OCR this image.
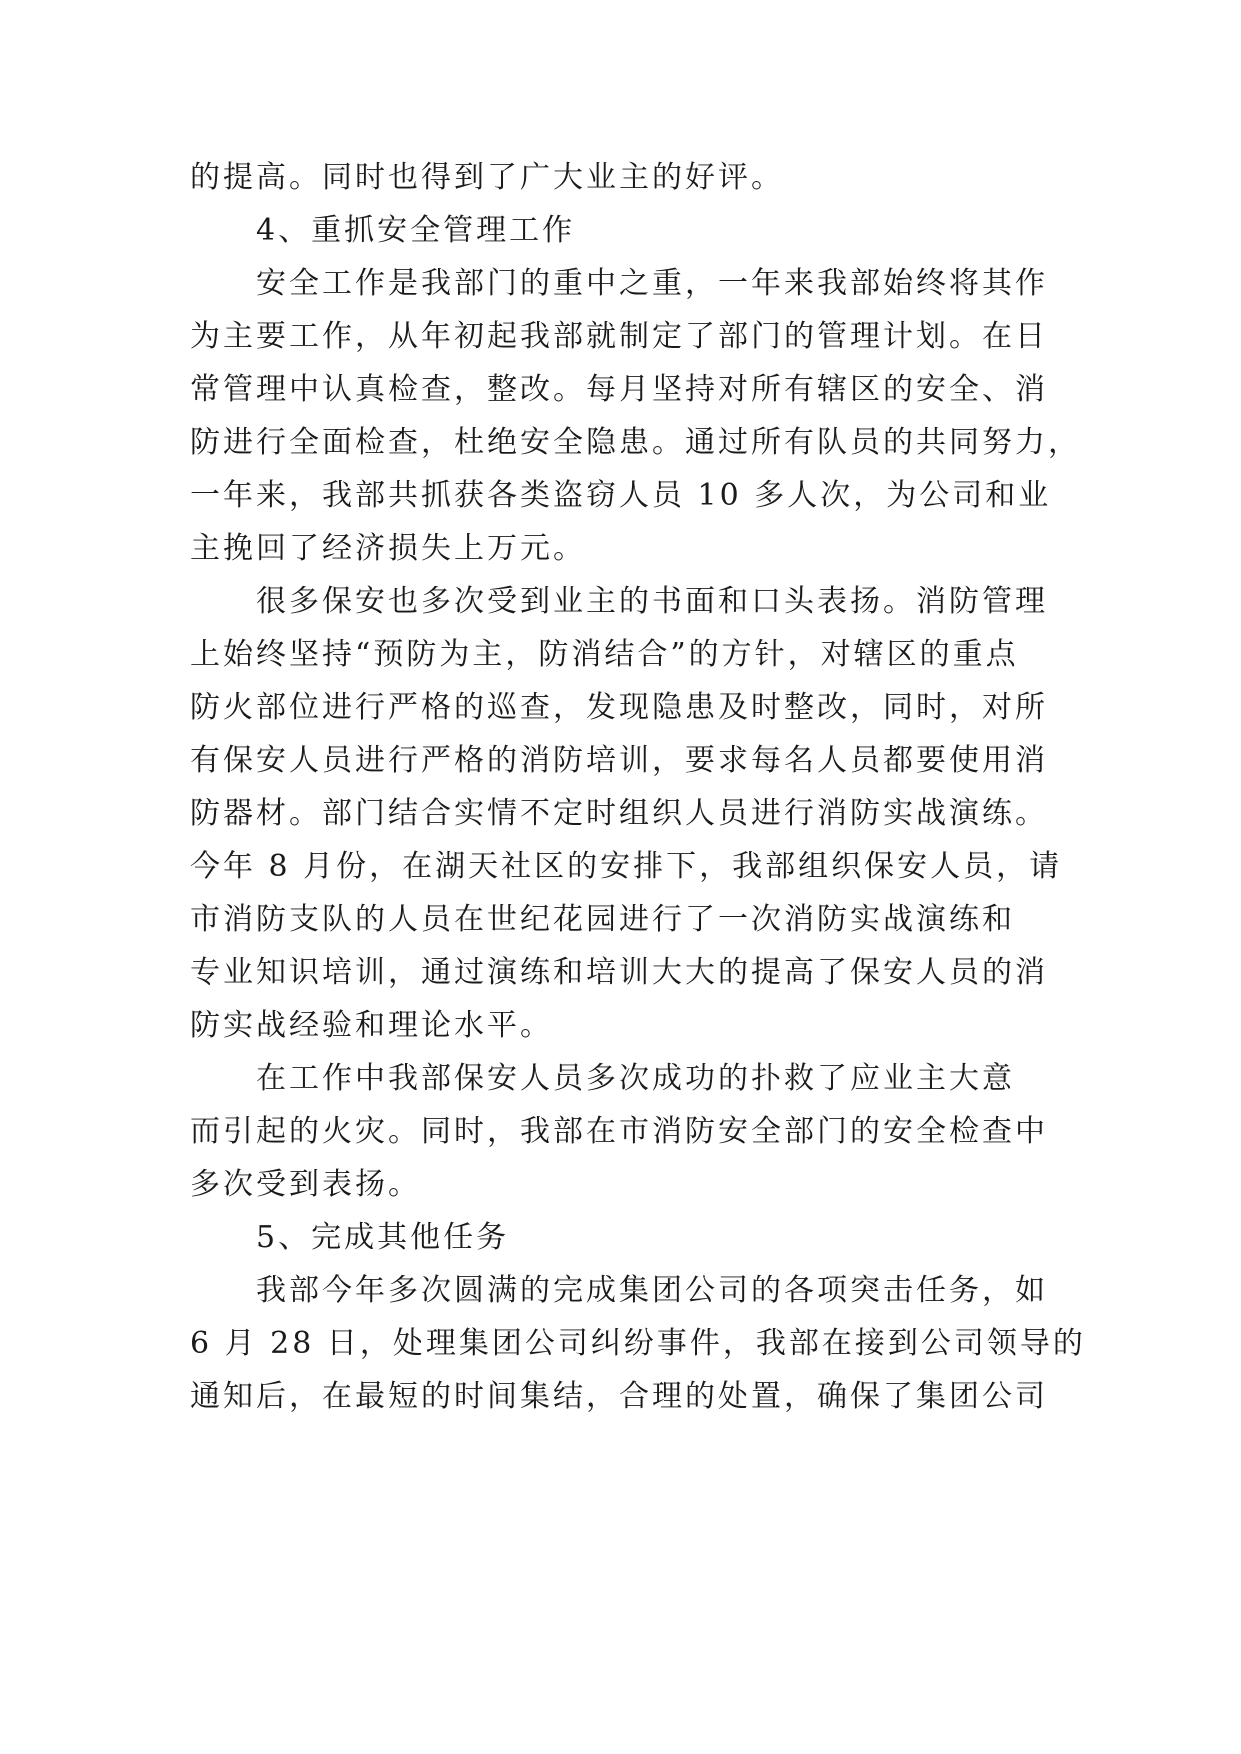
的提高。同时也得到了广大业主的好评。
4、重抓安全管理工作
安全工作是我部门的重中之重，一年来我部始终将其作
为主要工作，从年初起我部就制定了部门的管理计划。在日
常管理中认真检查，整改。每月坚持对所有辖区的安全、消
防进行全面检查，杜绝安全隐患。通过所有队员的共同努力，
一年来，我部共抓获各类盗窃人员 10 多人次，为公司和业
主挽回了经济损失上万元。
很多保安也多次受到业主的书面和口头表扬。消防管理
上始终坚持“预防为主，防消结合”的方针，对辖区的重点
防火部位进行严格的巡查，发现隐患及时整改，同时，对所
有保安人员进行严格的消防培训，要求每名人员都要使用消
防器材。部门结合实情不定时组织人员进行消防实战演练。
今年 8 月份，在湖天社区的安排下，我部组织保安人员，请
市消防支队的人员在世纪花园进行了一次消防实战演练和
专业知识培训，通过演练和培训大大的提高了保安人员的消
防实战经验和理论水平。
在工作中我部保安人员多次成功的扑救了应业主大意
而引起的火灾。同时，我部在市消防安全部门的安全检查中
多次受到表扬。
5、完成其他任务
我部今年多次圆满的完成集团公司的各项突击任务，如
6 月 28 日，处理集团公司纠纷事件，我部在接到公司领导的
通知后，在最短的时间集结，合理的处置，确保了集团公司
